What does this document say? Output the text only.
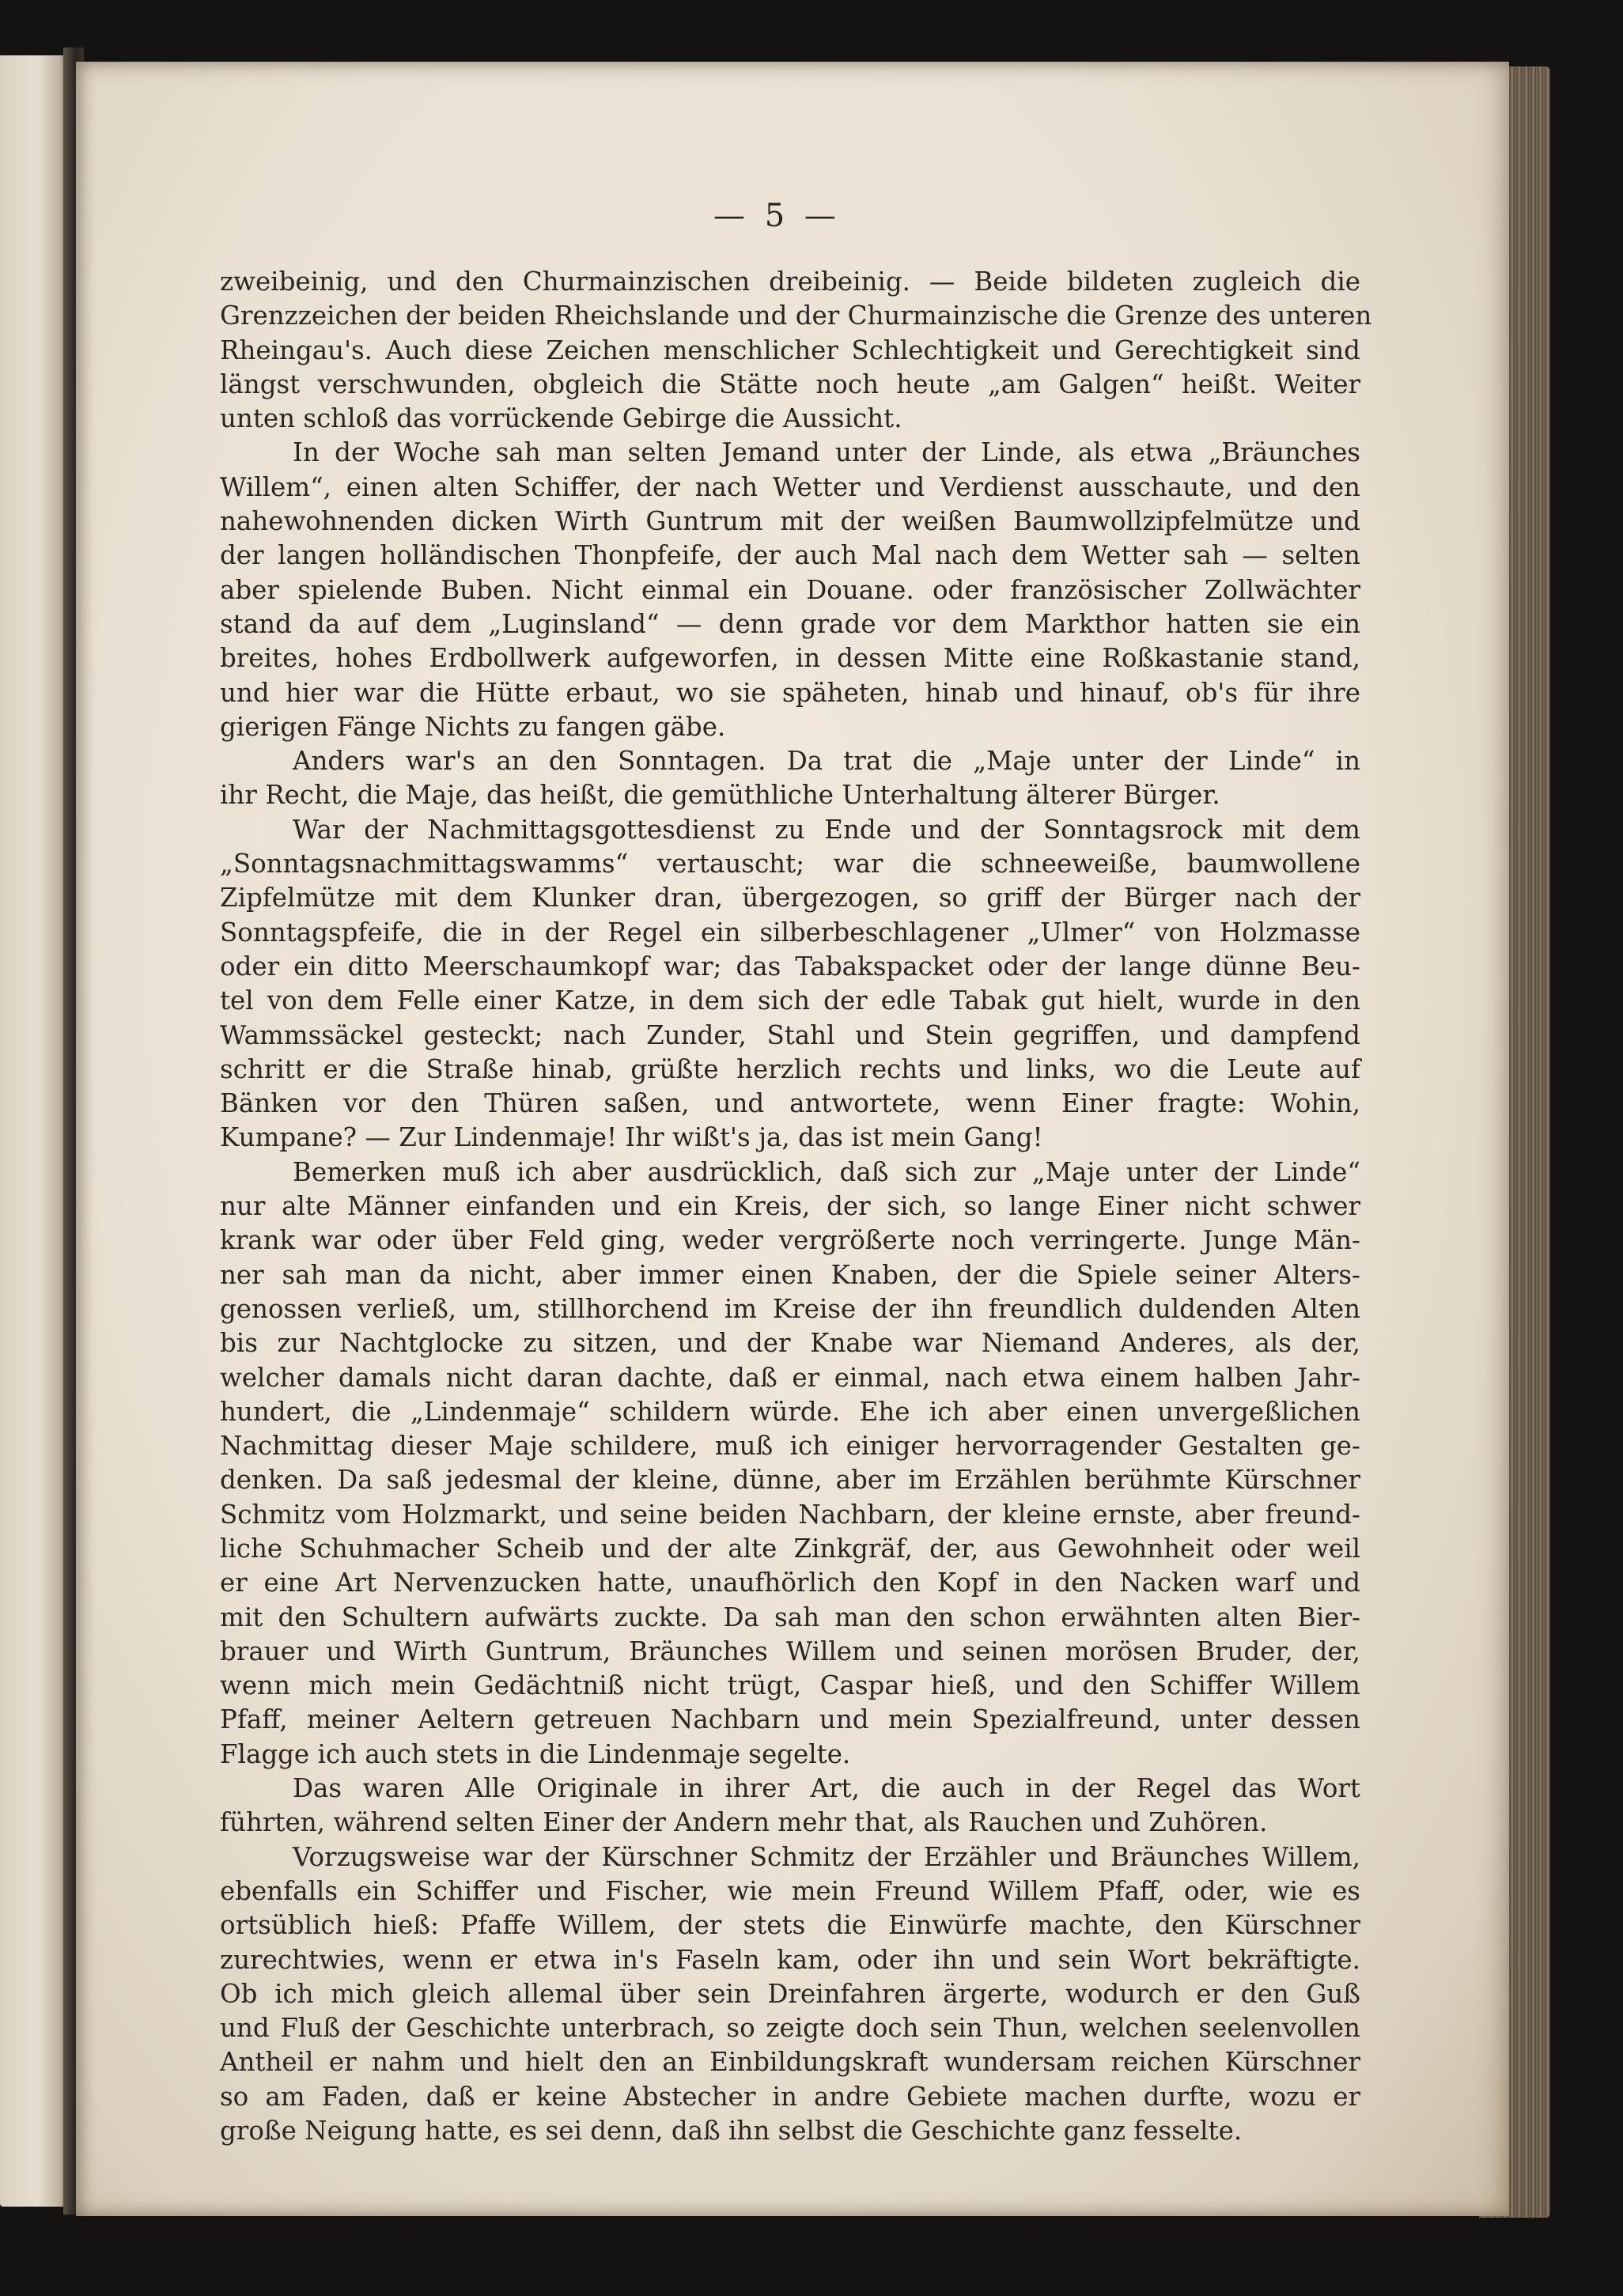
— 5 —
zweibeinig, und den Churmainzischen dreibeinig. — Beide bildeten zugleich die
Grenzzeichen der beiden Rheichslande und der Churmainzische die Grenze des unteren
Rheingau's. Auch diese Zeichen menschlicher Schlechtigkeit und Gerechtigkeit sind
längst verschwunden, obgleich die Stätte noch heute „am Galgen“ heißt. Weiter
unten schloß das vorrückende Gebirge die Aussicht.
In der Woche sah man selten Jemand unter der Linde, als etwa „Bräunches
Willem“, einen alten Schiffer, der nach Wetter und Verdienst ausschaute, und den
nahewohnenden dicken Wirth Guntrum mit der weißen Baumwollzipfelmütze und
der langen holländischen Thonpfeife, der auch Mal nach dem Wetter sah — selten
aber spielende Buben. Nicht einmal ein Douane. oder französischer Zollwächter
stand da auf dem „Luginsland“ — denn grade vor dem Markthor hatten sie ein
breites, hohes Erdbollwerk aufgeworfen, in dessen Mitte eine Roßkastanie stand,
und hier war die Hütte erbaut, wo sie späheten, hinab und hinauf, ob's für ihre
gierigen Fänge Nichts zu fangen gäbe.
Anders war's an den Sonntagen. Da trat die „Maje unter der Linde“ in
ihr Recht, die Maje, das heißt, die gemüthliche Unterhaltung älterer Bürger.
War der Nachmittagsgottesdienst zu Ende und der Sonntagsrock mit dem
„Sonntagsnachmittagswamms“ vertauscht; war die schneeweiße, baumwollene
Zipfelmütze mit dem Klunker dran, übergezogen, so griff der Bürger nach der
Sonntagspfeife, die in der Regel ein silberbeschlagener „Ulmer“ von Holzmasse
oder ein ditto Meerschaumkopf war; das Tabakspacket oder der lange dünne Beu-
tel von dem Felle einer Katze, in dem sich der edle Tabak gut hielt, wurde in den
Wammssäckel gesteckt; nach Zunder, Stahl und Stein gegriffen, und dampfend
schritt er die Straße hinab, grüßte herzlich rechts und links, wo die Leute auf
Bänken vor den Thüren saßen, und antwortete, wenn Einer fragte: Wohin,
Kumpane? — Zur Lindenmaje! Ihr wißt's ja, das ist mein Gang!
Bemerken muß ich aber ausdrücklich, daß sich zur „Maje unter der Linde“
nur alte Männer einfanden und ein Kreis, der sich, so lange Einer nicht schwer
krank war oder über Feld ging, weder vergrößerte noch verringerte. Junge Män-
ner sah man da nicht, aber immer einen Knaben, der die Spiele seiner Alters-
genossen verließ, um, stillhorchend im Kreise der ihn freundlich duldenden Alten
bis zur Nachtglocke zu sitzen, und der Knabe war Niemand Anderes, als der,
welcher damals nicht daran dachte, daß er einmal, nach etwa einem halben Jahr-
hundert, die „Lindenmaje“ schildern würde. Ehe ich aber einen unvergeßlichen
Nachmittag dieser Maje schildere, muß ich einiger hervorragender Gestalten ge-
denken. Da saß jedesmal der kleine, dünne, aber im Erzählen berühmte Kürschner
Schmitz vom Holzmarkt, und seine beiden Nachbarn, der kleine ernste, aber freund-
liche Schuhmacher Scheib und der alte Zinkgräf, der, aus Gewohnheit oder weil
er eine Art Nervenzucken hatte, unaufhörlich den Kopf in den Nacken warf und
mit den Schultern aufwärts zuckte. Da sah man den schon erwähnten alten Bier-
brauer und Wirth Guntrum, Bräunches Willem und seinen morösen Bruder, der,
wenn mich mein Gedächtniß nicht trügt, Caspar hieß, und den Schiffer Willem
Pfaff, meiner Aeltern getreuen Nachbarn und mein Spezialfreund, unter dessen
Flagge ich auch stets in die Lindenmaje segelte.
Das waren Alle Originale in ihrer Art, die auch in der Regel das Wort
führten, während selten Einer der Andern mehr that, als Rauchen und Zuhören.
Vorzugsweise war der Kürschner Schmitz der Erzähler und Bräunches Willem,
ebenfalls ein Schiffer und Fischer, wie mein Freund Willem Pfaff, oder, wie es
ortsüblich hieß: Pfaffe Willem, der stets die Einwürfe machte, den Kürschner
zurechtwies, wenn er etwa in's Faseln kam, oder ihn und sein Wort bekräftigte.
Ob ich mich gleich allemal über sein Dreinfahren ärgerte, wodurch er den Guß
und Fluß der Geschichte unterbrach, so zeigte doch sein Thun, welchen seelenvollen
Antheil er nahm und hielt den an Einbildungskraft wundersam reichen Kürschner
so am Faden, daß er keine Abstecher in andre Gebiete machen durfte, wozu er
große Neigung hatte, es sei denn, daß ihn selbst die Geschichte ganz fesselte.
